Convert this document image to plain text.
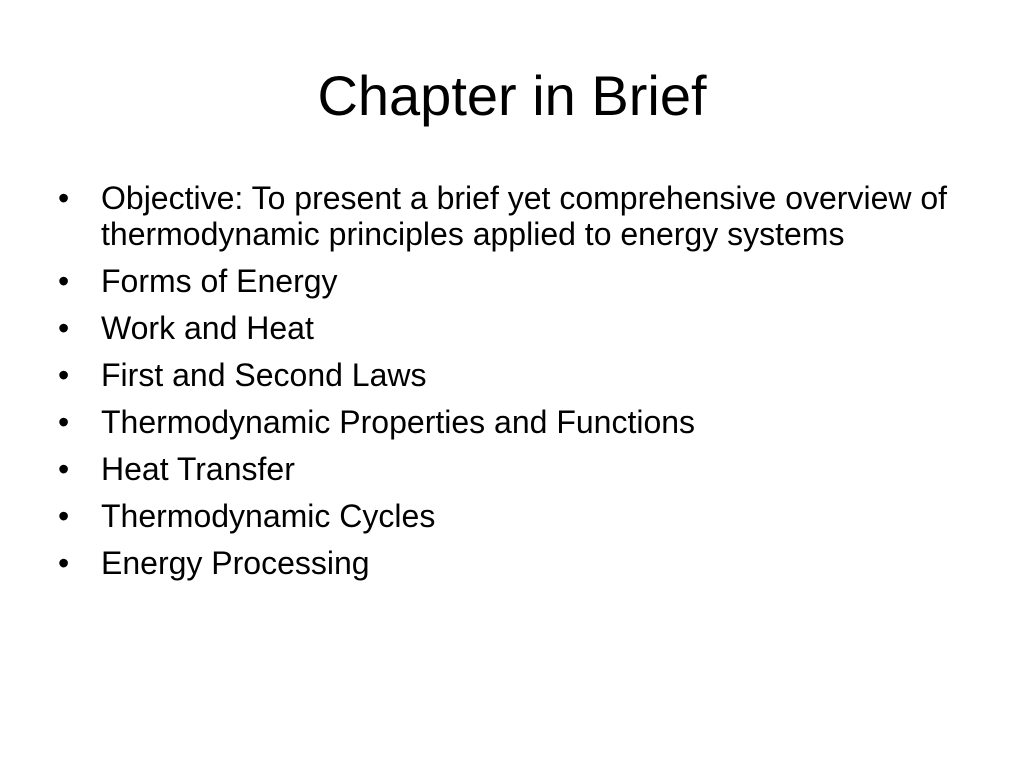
Chapter in Brief
• Objective: To present a brief yet comprehensive overview of thermodynamic principles applied to energy systems
• Forms of Energy
• Work and Heat
• First and Second Laws
• Thermodynamic Properties and Functions
• Heat Transfer
• Thermodynamic Cycles
• Energy Processing
